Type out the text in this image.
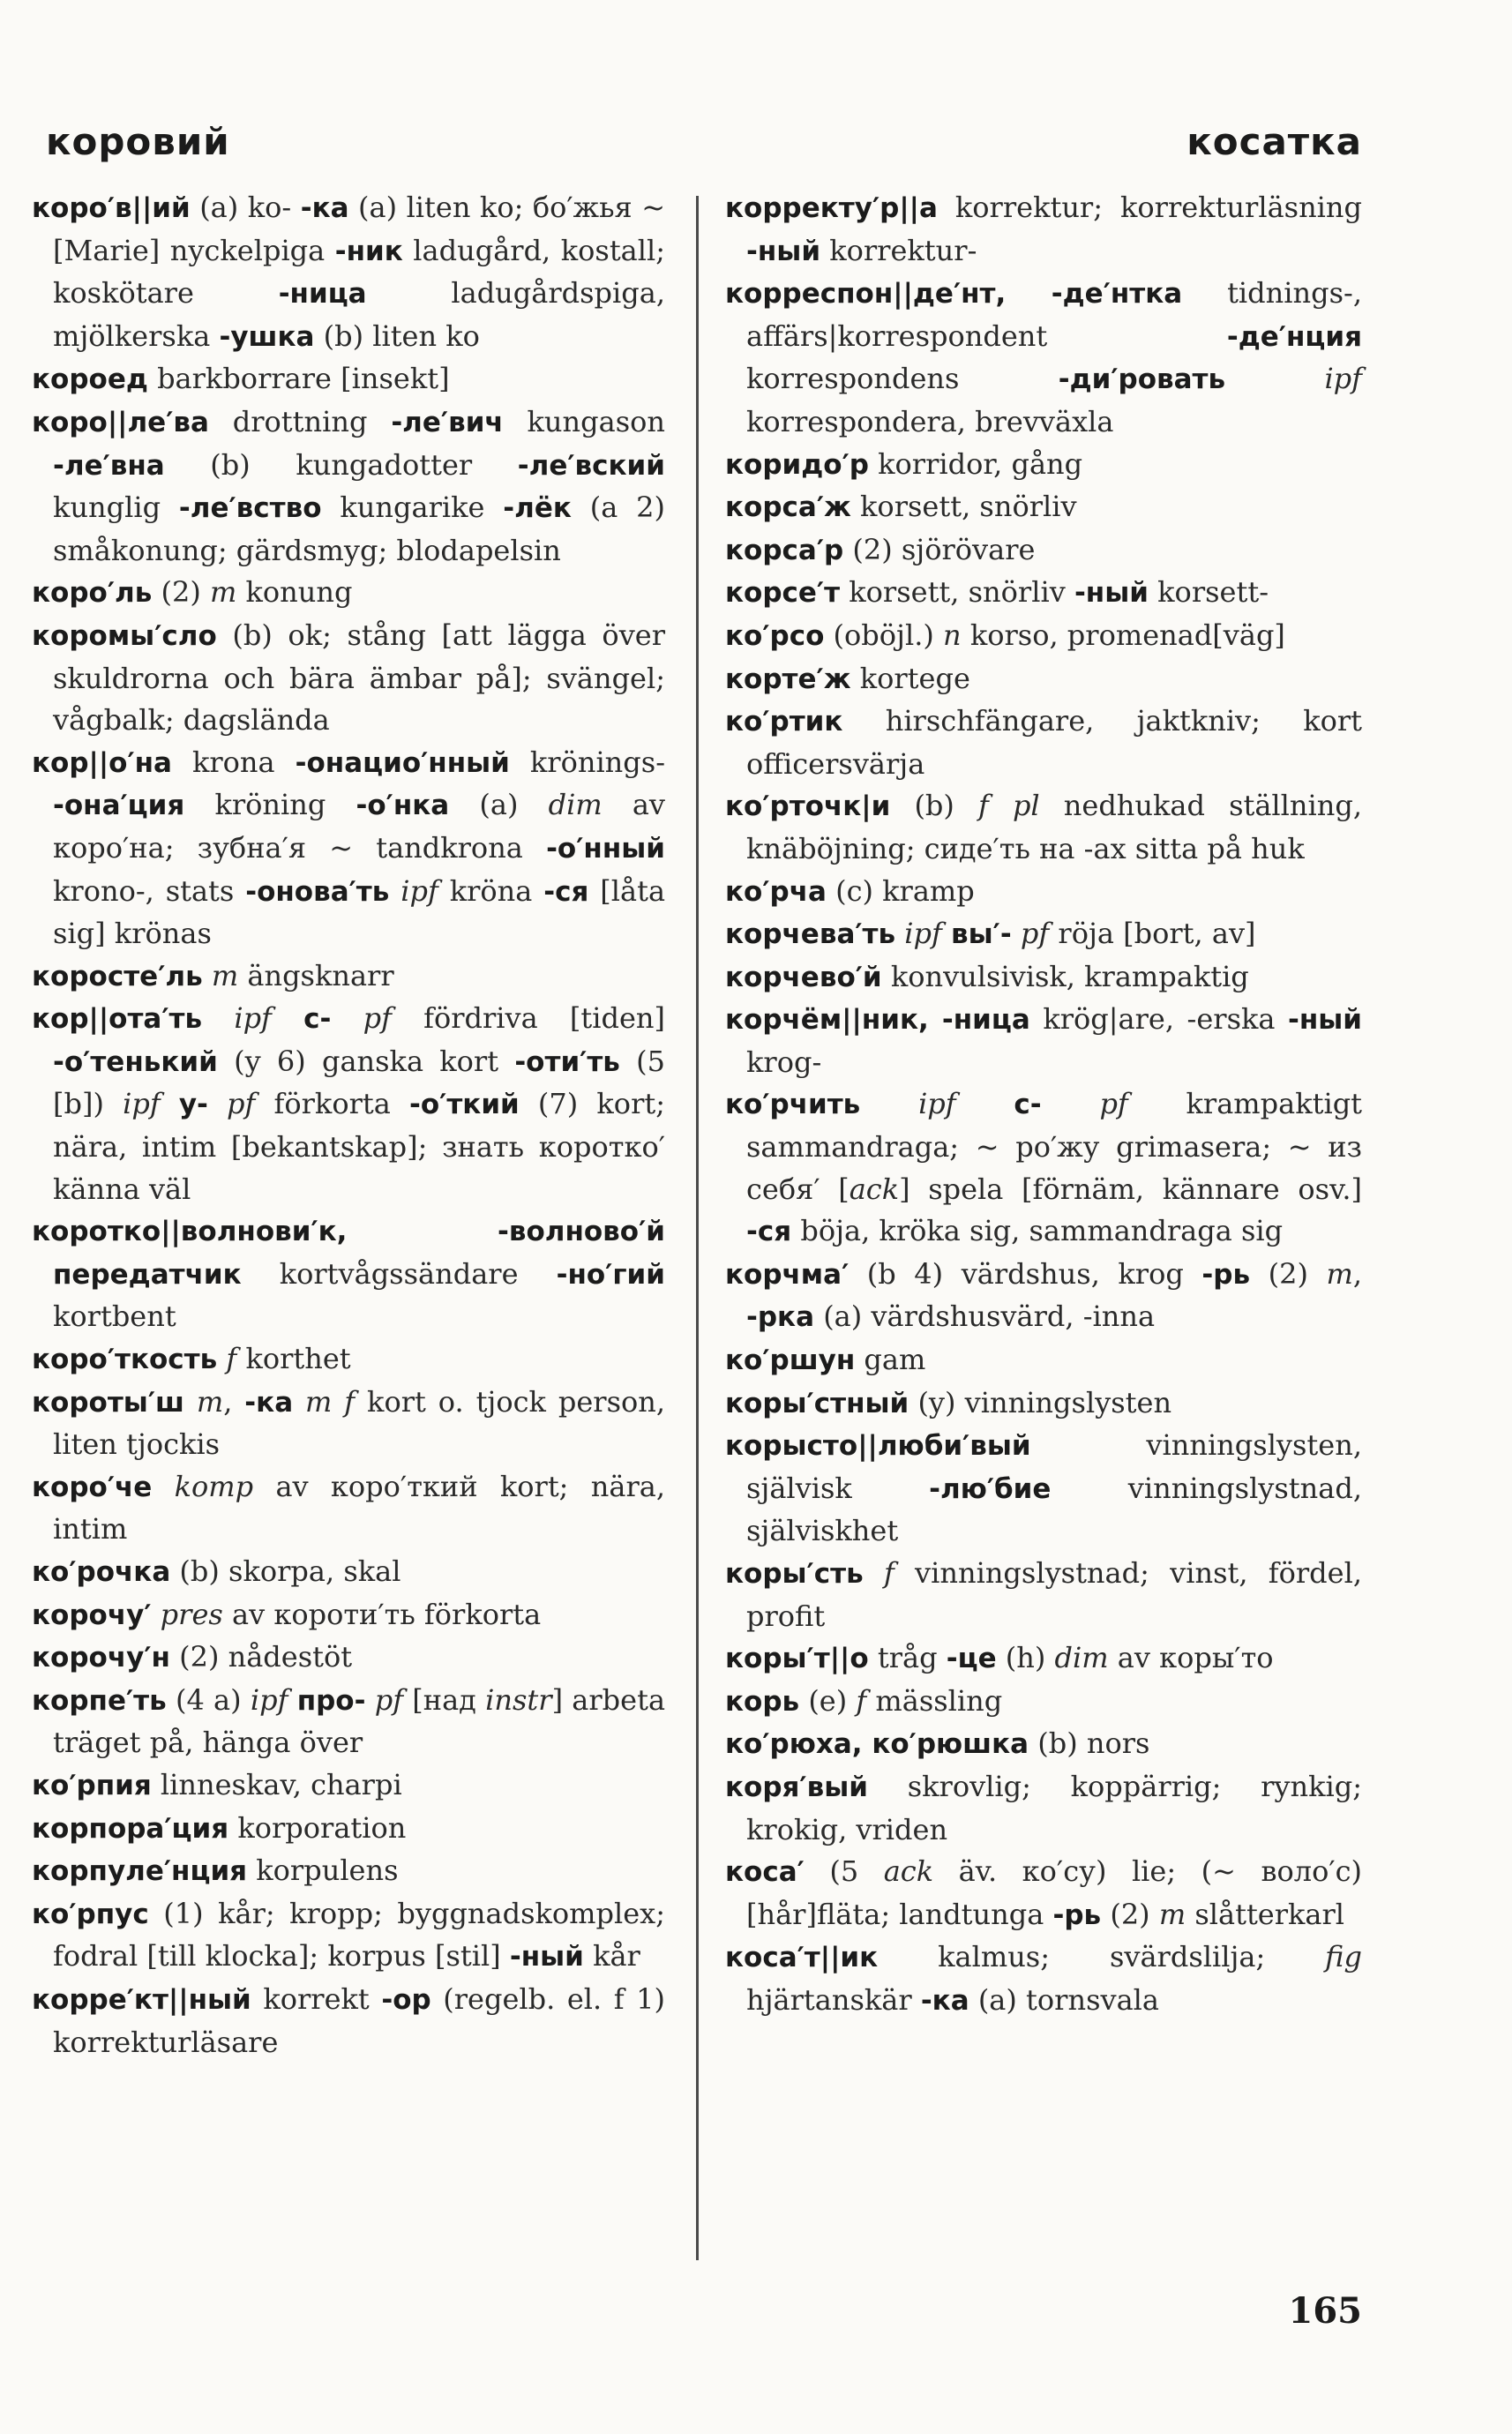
коровий	косатка

коро′в||ий (a) ko- -ка (a) liten ko; бо′жья ~ [Marie] nyckelpiga -ник ladugård, kostall; koskötare -ница ladugårdspiga, mjölkerska -ушка (b) liten ko

короед barkborrare [insekt]

коро||ле′ва drottning -ле′вич kungason -ле′вна (b) kungadotter -ле′вский kunglig -ле′вство kungarike -лёк (a 2) småkonung; gärdsmyg; blodapelsin

коро′ль (2) m konung

коромы′сло (b) ok; stång [att lägga över skuldrorna och bära ämbar på]; svängel; vågbalk; dagslända

кор||о′на krona -онацио′нный krönings- -она′ция kröning -о′нка (a) dim av коро′на; зубна′я ~ tandkrona -о′нный krono-, stats -онова′ть ipf kröna -ся [låta sig] krönas

коросте′ль m ängsknarr

кор||ота′ть ipf с- pf fördriva [tiden] -о′тенький (y 6) ganska kort -оти′ть (5 [b]) ipf у- pf förkorta -о′ткий (7) kort; nära, intim [bekantskap]; знать коротко′ känna väl

коротко||волнови′к, -волново′й передатчик kortvågssändare -но′гий kortbent

коро′ткость f korthet

короты′ш m, -ка m f kort o. tjock person, liten tjockis

коро′че komp av коро′ткий kort; nära, intim

ко′рочка (b) skorpa, skal

корочу′ pres av короти′ть förkorta

корочу′н (2) nådestöt

корпе′ть (4 a) ipf про- pf [над instr] arbeta träget på, hänga över

ко′рпия linneskav, charpi

корпора′ция korporation

корпуле′нция korpulens

ко′рпус (1) kår; kropp; byggnadskomplex; fodral [till klocka]; korpus [stil] -ный kår

корре′кт||ный korrekt -ор (regelb. el. f 1) korrekturläsare

корректу′р||а korrektur; korrekturläsning -ный korrektur-

корреспон||де′нт, -де′нтка tidnings-, affärs|korrespondent -де′нция korrespondens -ди′ровать	ipf korrespondera, brevväxla

коридо′р korridor, gång

корса′ж korsett, snörliv

корса′р (2) sjörövare

корсе′т korsett, snörliv -ный korsett-

ко′рсо (oböjl.) n korso, promenad[väg]

корте′ж kortege

ко′ртик hirschfängare, jaktkniv; kort officersvärja

ко′рточк|и (b) f pl nedhukad ställning, knäböjning; сиде′ть на -ах sitta på huk

ко′рча (c) kramp

корчева′ть ipf вы′- pf röja [bort, av]

корчево′й konvulsivisk, krampaktig

корчём||ник, -ница krög|are, -erska -ный krog-

ко′рчить ipf с- pf krampaktigt sammandraga; ~ ро′жу grimasera; ~ из себя′ [ack] spela [förnäm, kännare osv.] -ся böja, kröka sig, sammandraga sig

корчма′ (b 4) värdshus, krog -рь (2) m, -рка (a) värdshusvärd, -inna

ко′ршун gam

коры′стный (y) vinningslysten

корысто||люби′вый vinningslysten, självisk -лю′бие vinningslystnad, själviskhet

коры′сть f vinningslystnad; vinst, fördel, profit

коры′т||о tråg -це (h) dim av коры′то

корь (e) f mässling

ко′рюха, ко′рюшка (b) nors

коря′вый skrovlig; koppärrig; rynkig; krokig, vriden

коса′ (5 ack äv. ко′су) lie; (~ воло′с) [hår]fläta; landtunga -рь (2) m slåtterkarl

коса′т||ик kalmus; svärdslilja; fig hjärtanskär -ка (a) tornsvala

165
